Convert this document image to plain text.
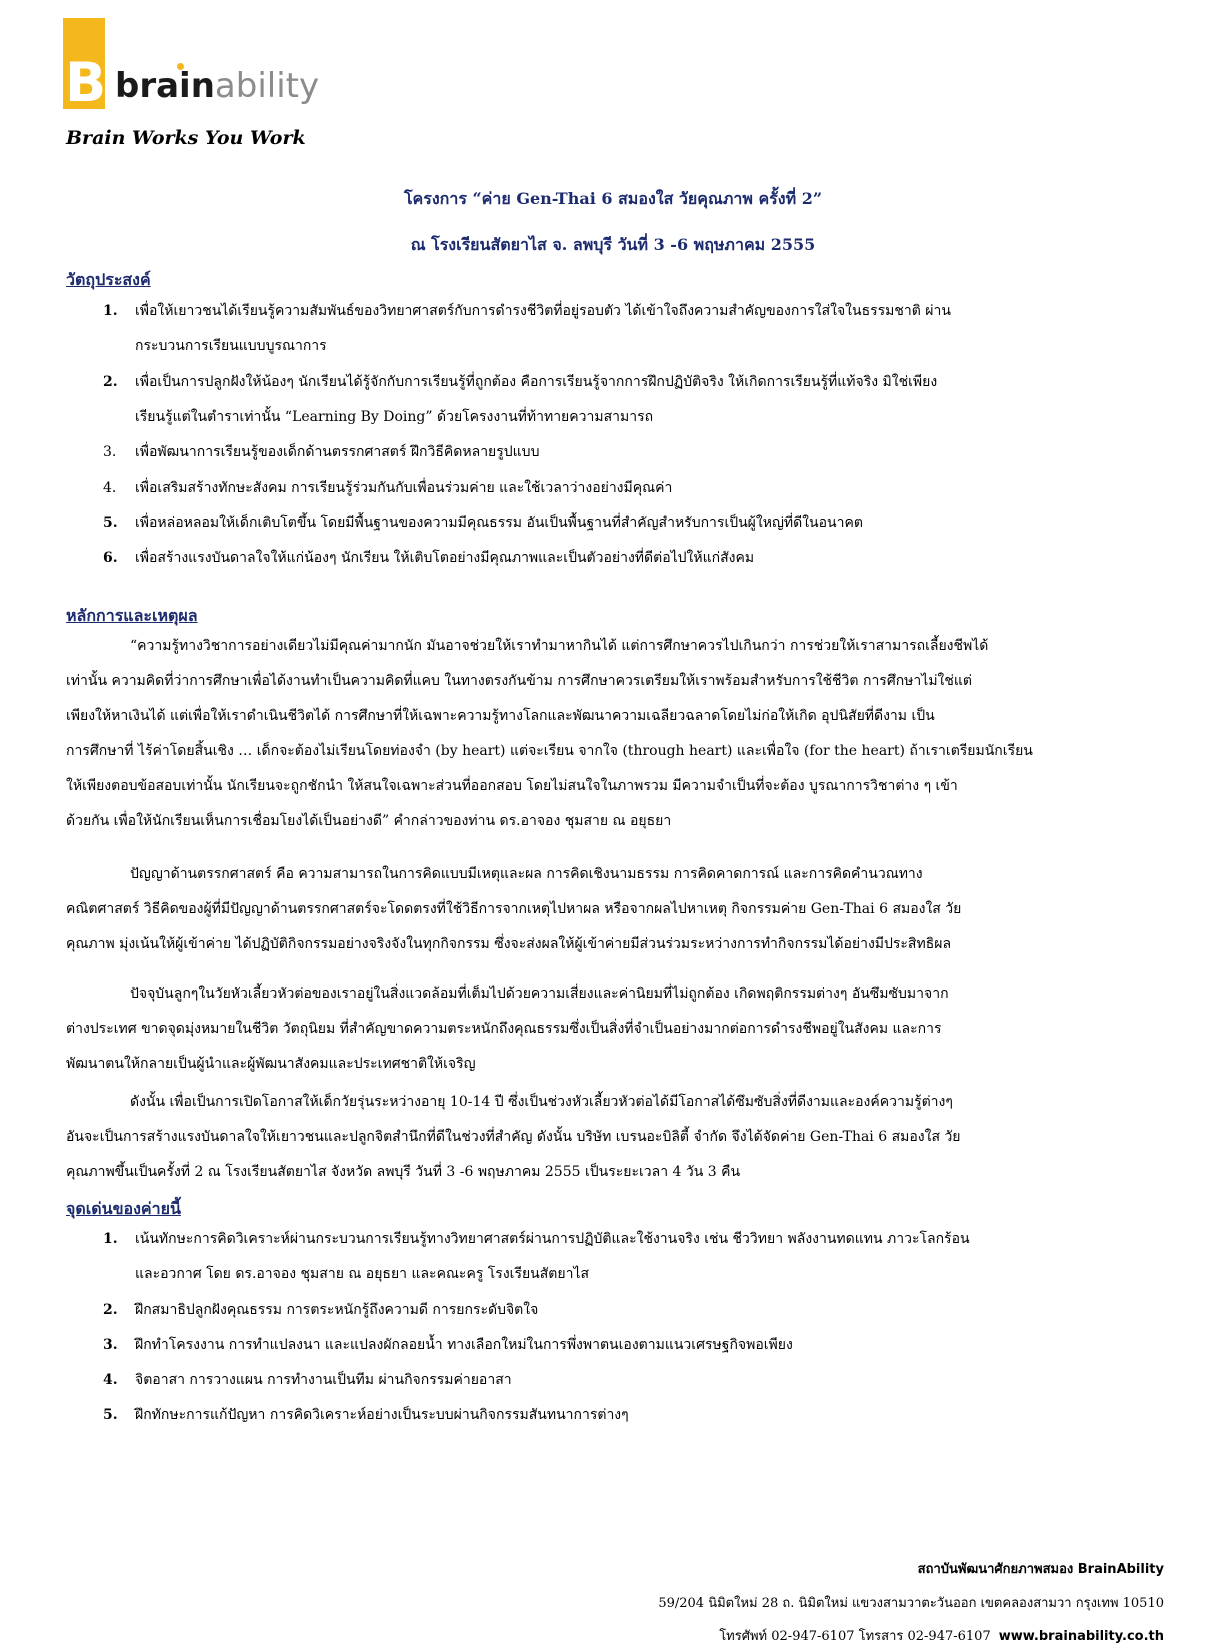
B brainability
Brain Works You Work
โครงการ “ค่าย Gen-Thai 6 สมองใส วัยคุณภาพ ครั้งที่ 2”
ณ โรงเรียนสัตยาไส จ. ลพบุรี วันที่ 3 -6 พฤษภาคม 2555
วัตถุประสงค์
1. เพื่อให้เยาวชนได้เรียนรู้ความสัมพันธ์ของวิทยาศาสตร์กับการดำรงชีวิตที่อยู่รอบตัว ได้เข้าใจถึงความสำคัญของการใส่ใจในธรรมชาติ ผ่าน
กระบวนการเรียนแบบบูรณาการ
2. เพื่อเป็นการปลูกฝังให้น้องๆ นักเรียนได้รู้จักกับการเรียนรู้ที่ถูกต้อง คือการเรียนรู้จากการฝึกปฏิบัติจริง ให้เกิดการเรียนรู้ที่แท้จริง มิใช่เพียง
เรียนรู้แต่ในตำราเท่านั้น “Learning By Doing” ด้วยโครงงานที่ท้าทายความสามารถ
3. เพื่อพัฒนาการเรียนรู้ของเด็กด้านตรรกศาสตร์ ฝึกวิธีคิดหลายรูปแบบ
4. เพื่อเสริมสร้างทักษะสังคม การเรียนรู้ร่วมกันกับเพื่อนร่วมค่าย และใช้เวลาว่างอย่างมีคุณค่า
5. เพื่อหล่อหลอมให้เด็กเติบโตขึ้น โดยมีพื้นฐานของความมีคุณธรรม อันเป็นพื้นฐานที่สำคัญสำหรับการเป็นผู้ใหญ่ที่ดีในอนาคต
6. เพื่อสร้างแรงบันดาลใจให้แก่น้องๆ นักเรียน ให้เติบโตอย่างมีคุณภาพและเป็นตัวอย่างที่ดีต่อไปให้แก่สังคม
หลักการและเหตุผล
“ความรู้ทางวิชาการอย่างเดียวไม่มีคุณค่ามากนัก มันอาจช่วยให้เราทำมาหากินได้ แต่การศึกษาควรไปเกินกว่า การช่วยให้เราสามารถเลี้ยงชีพได้
เท่านั้น ความคิดที่ว่าการศึกษาเพื่อได้งานทำเป็นความคิดที่แคบ ในทางตรงกันข้าม การศึกษาควรเตรียมให้เราพร้อมสำหรับการใช้ชีวิต การศึกษาไม่ใช่แต่
เพียงให้หาเงินได้ แต่เพื่อให้เราดำเนินชีวิตได้ การศึกษาที่ให้เฉพาะความรู้ทางโลกและพัฒนาความเฉลียวฉลาดโดยไม่ก่อให้เกิด อุปนิสัยที่ดีงาม เป็น
การศึกษาที่ ไร้ค่าโดยสิ้นเชิง … เด็กจะต้องไม่เรียนโดยท่องจำ (by heart) แต่จะเรียน จากใจ (through heart) และเพื่อใจ (for the heart) ถ้าเราเตรียมนักเรียน
ให้เพียงตอบข้อสอบเท่านั้น นักเรียนจะถูกชักนำ ให้สนใจเฉพาะส่วนที่ออกสอบ โดยไม่สนใจในภาพรวม มีความจำเป็นที่จะต้อง บูรณาการวิชาต่าง ๆ เข้า
ด้วยกัน เพื่อให้นักเรียนเห็นการเชื่อมโยงได้เป็นอย่างดี” คำกล่าวของท่าน ดร.อาจอง ชุมสาย ณ อยุธยา
ปัญญาด้านตรรกศาสตร์ คือ ความสามารถในการคิดแบบมีเหตุและผล การคิดเชิงนามธรรม การคิดคาดการณ์ และการคิดคำนวณทาง
คณิตศาสตร์ วิธีคิดของผู้ที่มีปัญญาด้านตรรกศาสตร์จะโดดตรงที่ใช้วิธีการจากเหตุไปหาผล หรือจากผลไปหาเหตุ กิจกรรมค่าย Gen-Thai 6 สมองใส วัย
คุณภาพ มุ่งเน้นให้ผู้เข้าค่าย ได้ปฏิบัติกิจกรรมอย่างจริงจังในทุกกิจกรรม ซึ่งจะส่งผลให้ผู้เข้าค่ายมีส่วนร่วมระหว่างการทำกิจกรรมได้อย่างมีประสิทธิผล
ปัจจุบันลูกๆในวัยหัวเลี้ยวหัวต่อของเราอยู่ในสิ่งแวดล้อมที่เต็มไปด้วยความเสี่ยงและค่านิยมที่ไม่ถูกต้อง เกิดพฤติกรรมต่างๆ อันซึมซับมาจาก
ต่างประเทศ ขาดจุดมุ่งหมายในชีวิต วัตถุนิยม ที่สำคัญขาดความตระหนักถึงคุณธรรมซึ่งเป็นสิ่งที่จำเป็นอย่างมากต่อการดำรงชีพอยู่ในสังคม และการ
พัฒนาตนให้กลายเป็นผู้นำและผู้พัฒนาสังคมและประเทศชาติให้เจริญ
ดังนั้น เพื่อเป็นการเปิดโอกาสให้เด็กวัยรุ่นระหว่างอายุ 10-14 ปี ซึ่งเป็นช่วงหัวเลี้ยวหัวต่อได้มีโอกาสได้ซึมซับสิ่งที่ดีงามและองค์ความรู้ต่างๆ
อันจะเป็นการสร้างแรงบันดาลใจให้เยาวชนและปลูกจิตสำนึกที่ดีในช่วงที่สำคัญ ดังนั้น บริษัท เบรนอะบิลิตี้ จำกัด จึงได้จัดค่าย Gen-Thai 6 สมองใส วัย
คุณภาพขึ้นเป็นครั้งที่ 2 ณ โรงเรียนสัตยาไส จังหวัด ลพบุรี วันที่ 3 -6 พฤษภาคม 2555 เป็นระยะเวลา 4 วัน 3 คืน
จุดเด่นของค่ายนี้
1. เน้นทักษะการคิดวิเคราะห์ผ่านกระบวนการเรียนรู้ทางวิทยาศาสตร์ผ่านการปฏิบัติและใช้งานจริง เช่น ชีววิทยา พลังงานทดแทน ภาวะโลกร้อน
และอวกาศ โดย ดร.อาจอง ชุมสาย ณ อยุธยา และคณะครู โรงเรียนสัตยาไส
2. ฝึกสมาธิปลูกฝังคุณธรรม การตระหนักรู้ถึงความดี การยกระดับจิตใจ
3. ฝึกทำโครงงาน การทำแปลงนา และแปลงผักลอยน้ำ ทางเลือกใหม่ในการพึ่งพาตนเองตามแนวเศรษฐกิจพอเพียง
4. จิตอาสา การวางแผน การทำงานเป็นทีม ผ่านกิจกรรมค่ายอาสา
5. ฝึกทักษะการแก้ปัญหา การคิดวิเคราะห์อย่างเป็นระบบผ่านกิจกรรมสันทนาการต่างๆ
สถาบันพัฒนาศักยภาพสมอง BrainAbility
59/204 นิมิตใหม่ 28 ถ. นิมิตใหม่ แขวงสามวาตะวันออก เขตคลองสามวา กรุงเทพ 10510
โทรศัพท์ 02-947-6107 โทรสาร 02-947-6107 www.brainability.co.th
